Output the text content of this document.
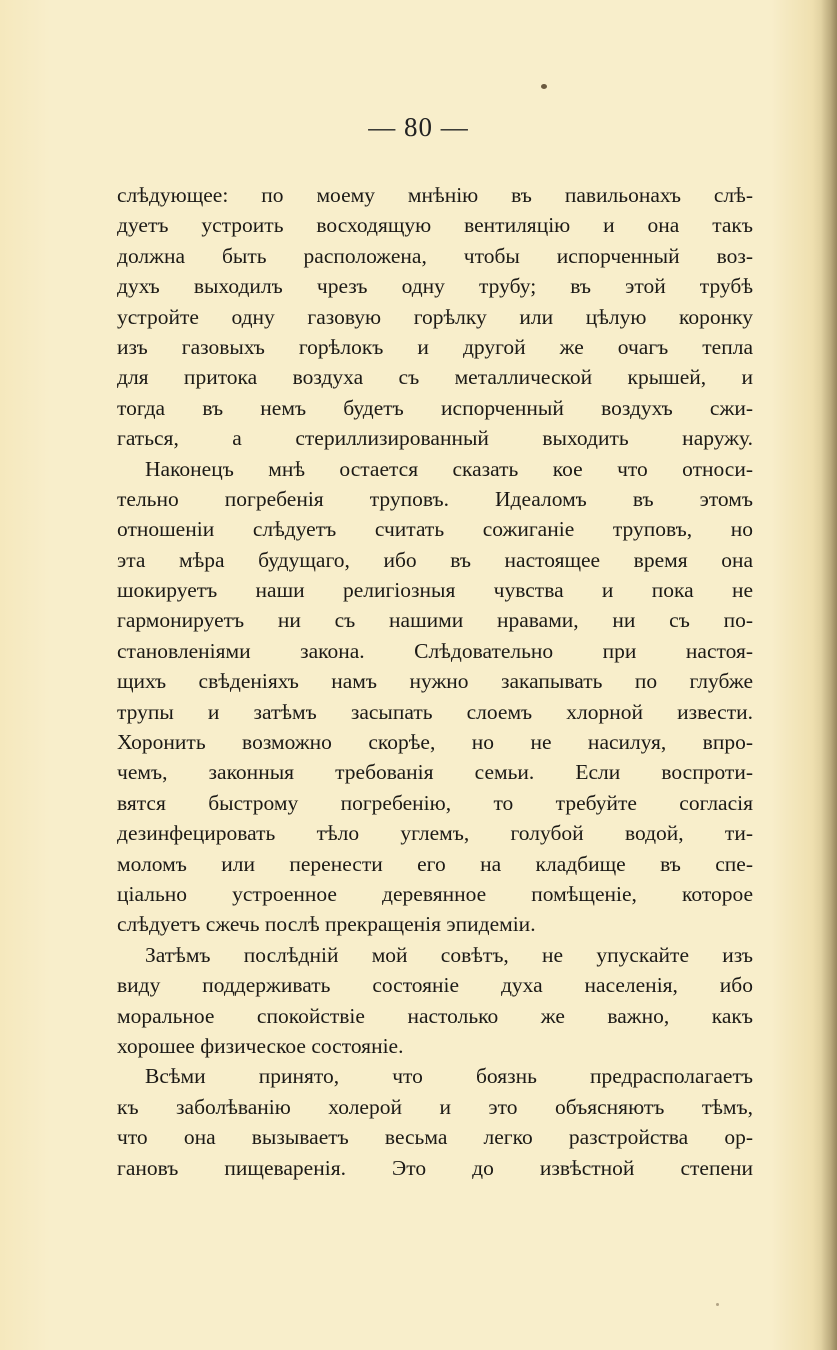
— 80 —
слѣдующее: по моему мнѣнію въ павильонахъ слѣ-
дуетъ устроить восходящую вентиляцію и она такъ
должна быть расположена, чтобы испорченный воз-
духъ выходилъ чрезъ одну трубу; въ этой трубѣ
устройте одну газовую горѣлку или цѣлую коронку
изъ газовыхъ горѣлокъ и другой же очагъ тепла
для притока воздуха съ металлической крышей, и
тогда въ немъ будетъ испорченный воздухъ сжи-
гаться, а стериллизированный выходить наружу.
Наконецъ мнѣ остается сказать кое что относи-
тельно погребенія труповъ. Идеаломъ въ этомъ
отношеніи слѣдуетъ считать сожиганіе труповъ, но
эта мѣра будущаго, ибо въ настоящее время она
шокируетъ наши религіозныя чувства и пока не
гармонируетъ ни съ нашими нравами, ни съ по-
становленіями закона. Слѣдовательно при настоя-
щихъ свѣденіяхъ намъ нужно закапывать по глубже
трупы и затѣмъ засыпать слоемъ хлорной извести.
Хоронить возможно скорѣе, но не насилуя, впро-
чемъ, законныя требованія семьи. Если воспроти-
вятся быстрому погребенію, то требуйте согласія
дезинфецировать тѣло углемъ, голубой водой, ти-
моломъ или перенести его на кладбище въ спе-
ціально устроенное деревянное помѣщеніе, которое
слѣдуетъ сжечь послѣ прекращенія эпидеміи.
Затѣмъ послѣдній мой совѣтъ, не упускайте изъ
виду поддерживать состояніе духа населенія, ибо
моральное спокойствіе настолько же важно, какъ
хорошее физическое состояніе.
Всѣми принято, что боязнь предрасполагаетъ
къ заболѣванію холерой и это объясняютъ тѣмъ,
что она вызываетъ весьма легко разстройства ор-
гановъ пищеваренія. Это до извѣстной степени
